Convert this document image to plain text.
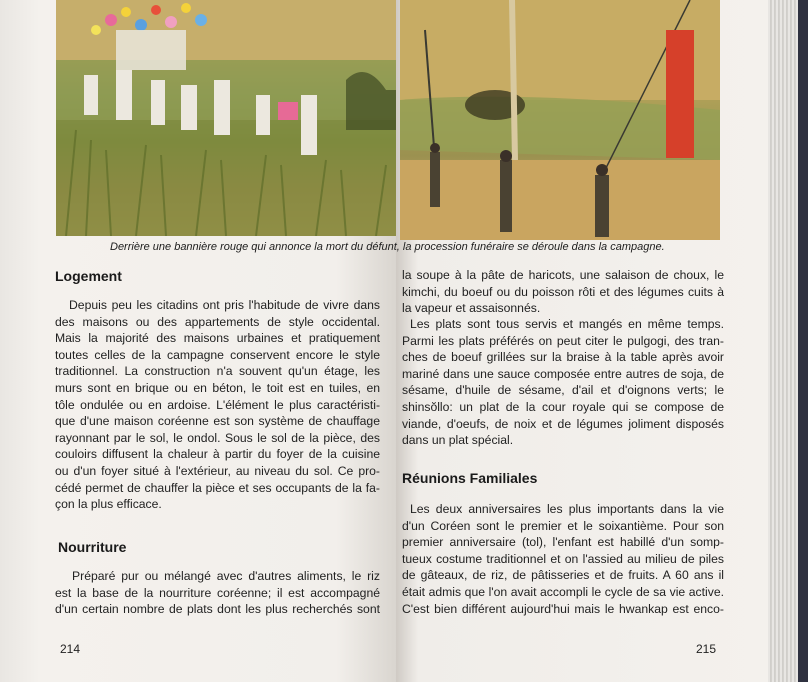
Derrière une bannière rouge qui annonce la mort du défunt, la procession funéraire se déroule dans la campagne.
Logement
Depuis peu les citadins ont pris l'habitude de vivre dans
des maisons ou des appartements de style occidental.
Mais la majorité des maisons urbaines et pratiquement
toutes celles de la campagne conservent encore le style
traditionnel. La construction n'a souvent qu'un étage, les
murs sont en brique ou en béton, le toit est en tuiles, en
tôle ondulée ou en ardoise. L'élément le plus caractéristi-
que d'une maison coréenne est son système de chauffage
rayonnant par le sol, le ondol. Sous le sol de la pièce, des
couloirs diffusent la chaleur à partir du foyer de la cuisine
ou d'un foyer situé à l'extérieur, au niveau du sol. Ce pro-
cédé permet de chauffer la pièce et ses occupants de la fa-
çon la plus efficace.
Nourriture
Préparé pur ou mélangé avec d'autres aliments, le riz
est la base de la nourriture coréenne; il est accompagné
d'un certain nombre de plats dont les plus recherchés sont
214
la soupe à la pâte de haricots, une salaison de choux, le
kimchi, du boeuf ou du poisson rôti et des légumes cuits à
la vapeur et assaisonnés.
Les plats sont tous servis et mangés en même temps.
Parmi les plats préférés on peut citer le pulgogi, des tran-
ches de boeuf grillées sur la braise à la table après avoir
mariné dans une sauce composée entre autres de soja, de
sésame, d'huile de sésame, d'ail et d'oignons verts; le
shinsŏllo: un plat de la cour royale qui se compose de
viande, d'oeufs, de noix et de légumes joliment disposés
dans un plat spécial.
Réunions Familiales
Les deux anniversaires les plus importants dans la vie
d'un Coréen sont le premier et le soixantième. Pour son
premier anniversaire (tol), l'enfant est habillé d'un somp-
tueux costume traditionnel et on l'assied au milieu de piles
de gâteaux, de riz, de pâtisseries et de fruits. A 60 ans il
était admis que l'on avait accompli le cycle de sa vie active.
C'est bien différent aujourd'hui mais le hwankap est enco-
215
